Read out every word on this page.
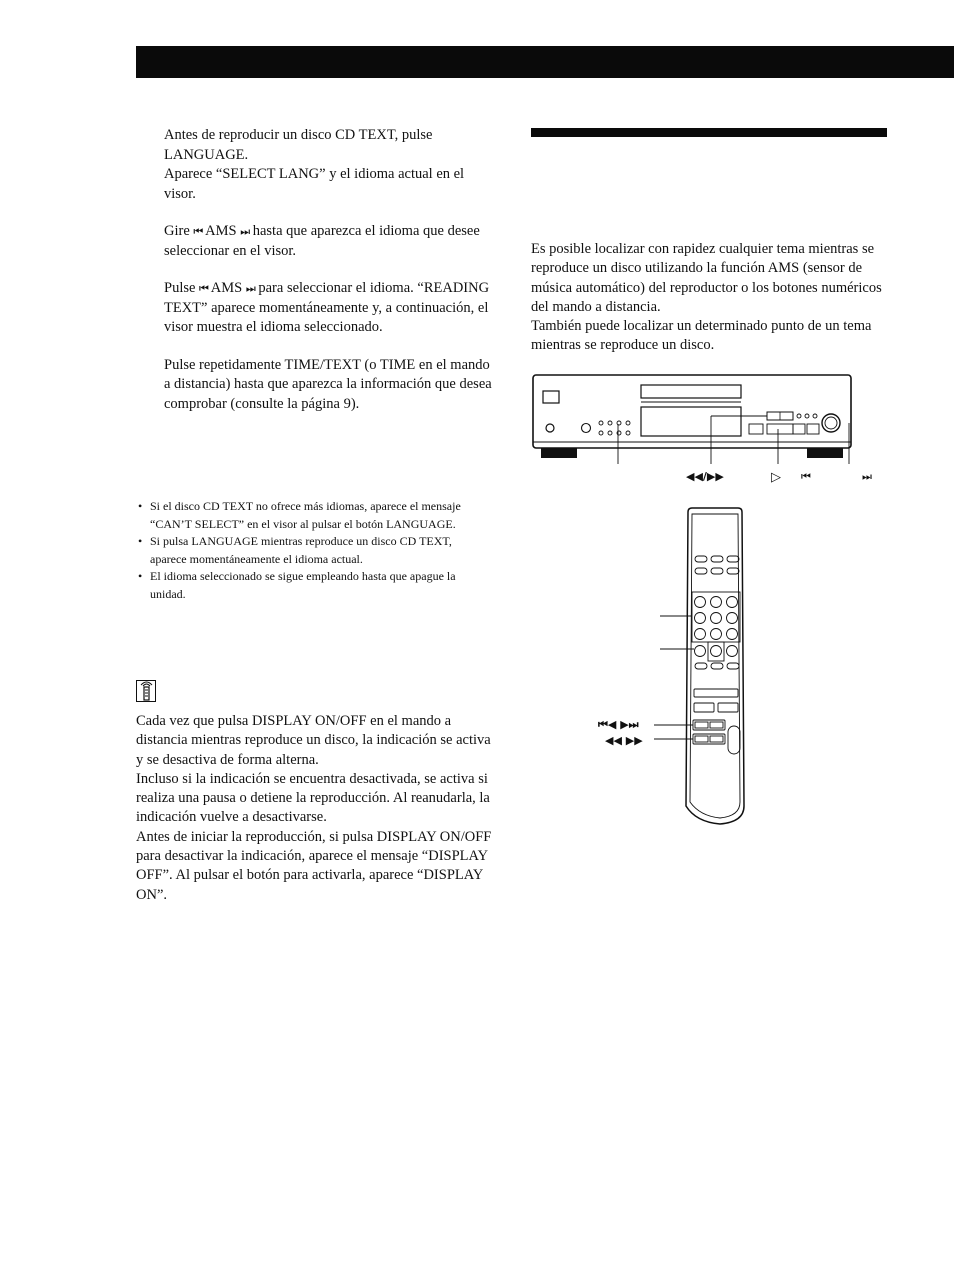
Antes de reproducir un disco CD TEXT, pulse LANGUAGE.

Aparece “SELECT LANG” y el idioma actual en el visor.

Gire ⏮ AMS ⏭ hasta que aparezca el idioma que desee seleccionar en el visor.

Pulse ⏮ AMS ⏭ para seleccionar el idioma. “READING TEXT” aparece momentáneamente y, a continuación, el visor muestra el idioma seleccionado.

Pulse repetidamente TIME/TEXT (o TIME en el mando a distancia) hasta que aparezca la información que desea comprobar (consulte la página 9).

• Si el disco CD TEXT no ofrece más idiomas, aparece el mensaje “CAN’T SELECT” en el visor al pulsar el botón LANGUAGE.
• Si pulsa LANGUAGE mientras reproduce un disco CD TEXT, aparece momentáneamente el idioma actual.
• El idioma seleccionado se sigue empleando hasta que apague la unidad.

Cada vez que pulsa DISPLAY ON/OFF en el mando a distancia mientras reproduce un disco, la indicación se activa y se desactiva de forma alterna.

Incluso si la indicación se encuentra desactivada, se activa si realiza una pausa o detiene la reproducción. Al reanudarla, la indicación vuelve a desactivarse.

Antes de iniciar la reproducción, si pulsa DISPLAY ON/OFF para desactivar la indicación, aparece el mensaje “DISPLAY OFF”. Al pulsar el botón para activarla, aparece “DISPLAY ON”.

Es posible localizar con rapidez cualquier tema mientras se reproduce un disco utilizando la función AMS (sensor de música automático) del reproductor o los botones numéricos del mando a distancia.

También puede localizar un determinado punto de un tema mientras se reproduce un disco.

◀◀/▶▶	▷ ⏮	⏭
⏮◀ ▶⏭
◀◀ ▶▶
